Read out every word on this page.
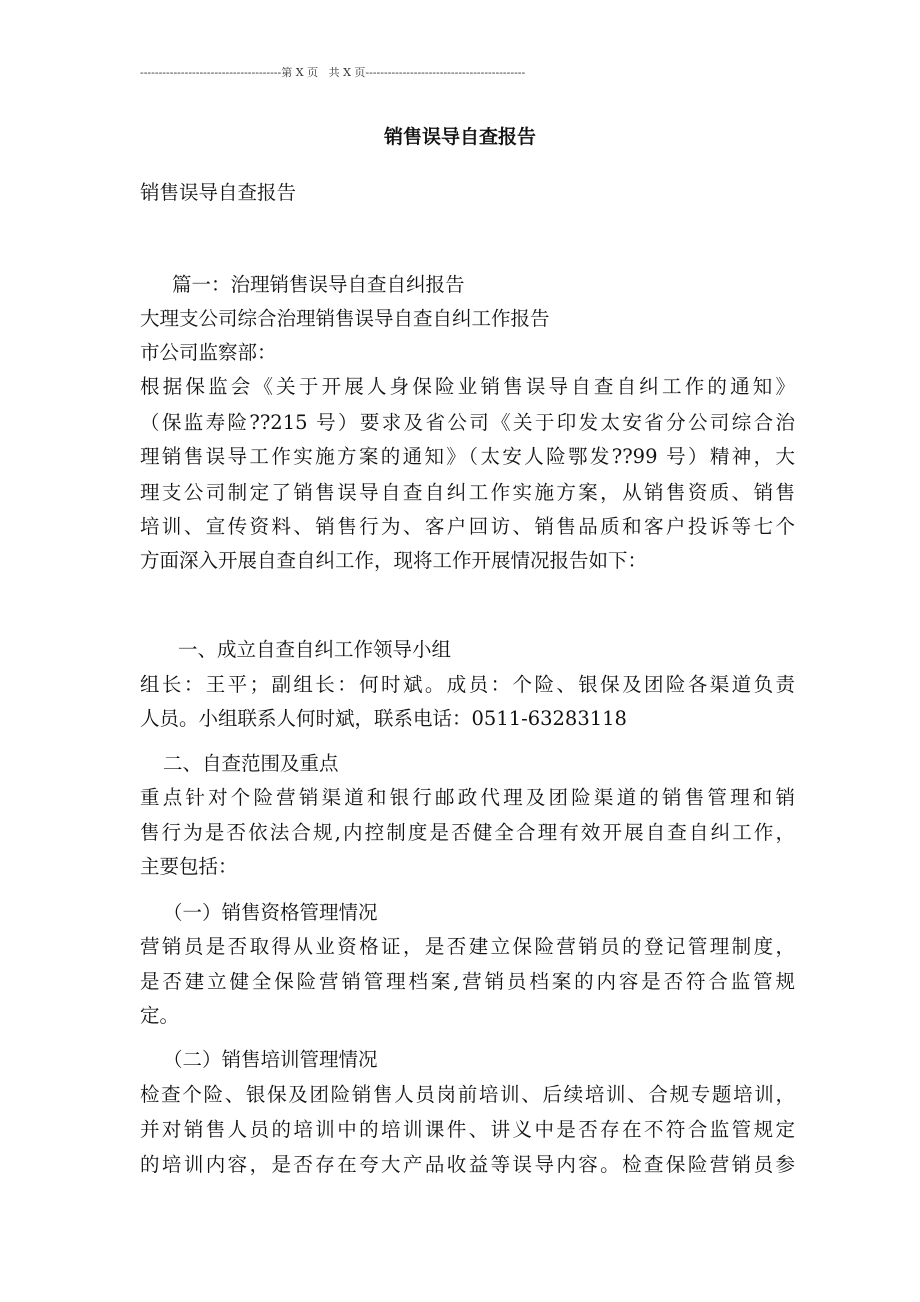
--------------------------------------第 X 页 共 X 页-------------------------------------------
销售误导自查报告
销售误导自查报告
篇一：治理销售误导自查自纠报告
大理支公司综合治理销售误导自查自纠工作报告
市公司监察部：
根据保监会《关于开展人身保险业销售误导自查自纠工作的通知》
（保监寿险??215 号）要求及省公司《关于印发太安省分公司综合治
理销售误导工作实施方案的通知》（太安人险鄂发??99 号）精神，大
理支公司制定了销售误导自查自纠工作实施方案，从销售资质、销售
培训、宣传资料、销售行为、客户回访、销售品质和客户投诉等七个
方面深入开展自查自纠工作，现将工作开展情况报告如下：
一、成立自查自纠工作领导小组
组长：王平；副组长：何时斌。成员：个险、银保及团险各渠道负责
人员。小组联系人何时斌，联系电话：0511-63283118
二、自查范围及重点
重点针对个险营销渠道和银行邮政代理及团险渠道的销售管理和销
售行为是否依法合规,内控制度是否健全合理有效开展自查自纠工作，
主要包括：
（一）销售资格管理情况
营销员是否取得从业资格证，是否建立保险营销员的登记管理制度，
是否建立健全保险营销管理档案,营销员档案的内容是否符合监管规
定。
（二）销售培训管理情况
检查个险、银保及团险销售人员岗前培训、后续培训、合规专题培训，
并对销售人员的培训中的培训课件、讲义中是否存在不符合监管规定
的培训内容，是否存在夸大产品收益等误导内容。检查保险营销员参
